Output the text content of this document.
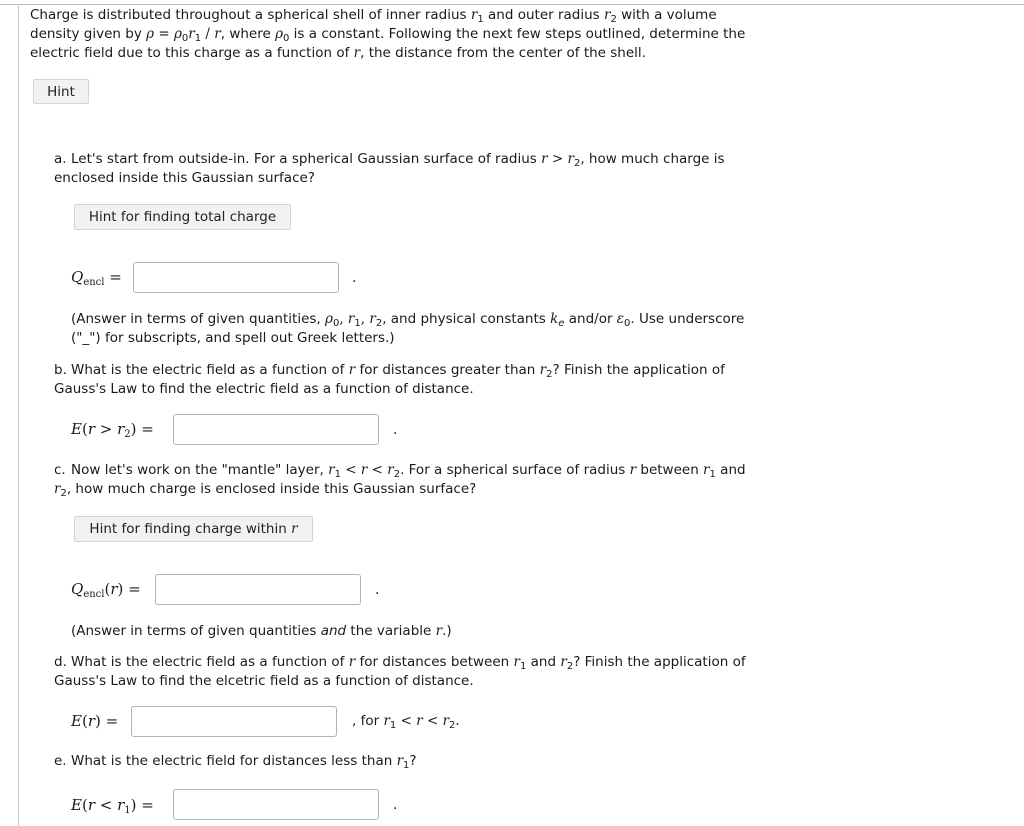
Charge is distributed throughout a spherical shell of inner radius $r_1$ and outer radius $r_2$ with a volume density given by $\rho = \rho_0r_1 / r$, where $\rho_0$ is a constant. Following the next few steps outlined, determine the electric field due to this charge as a function of r, the distance from the center of the shell.
Hint
a. Let's start from outside-in. For a spherical Gaussian surface of radius $r > r_2$, how much charge is enclosed inside this Gaussian surface?
Hint for finding total charge
$Q_{encl}$ =	.
(Answer in terms of given quantities, $\rho_0$, $r_1$, $r_2$, and physical constants $k_e$ and/or $\varepsilon_0$. Use underscore ("_") for subscripts, and spell out Greek letters.)
b. What is the electric field as a function of r for distances greater than $r_2$? Finish the application of Gauss's Law to find the electric field as a function of distance.
$E(r > r_2)$ =	.
c. Now let's work on the "mantle" layer, $r_1 < r < r_2$. For a spherical surface of radius r between $r_1$ and $r_2$, how much charge is enclosed inside this Gaussian surface?
Hint for finding charge within r
$Q_{encl}(r)$ =	.
(Answer in terms of given quantities and the variable r.)
d. What is the electric field as a function of r for distances between $r_1$ and $r_2$? Finish the application of Gauss's Law to find the elcetric field as a function of distance.
E(r) =	, for $r_1 < r < r_2$.
e. What is the electric field for distances less than $r_1$?
$E(r < r_1)$ =	.
